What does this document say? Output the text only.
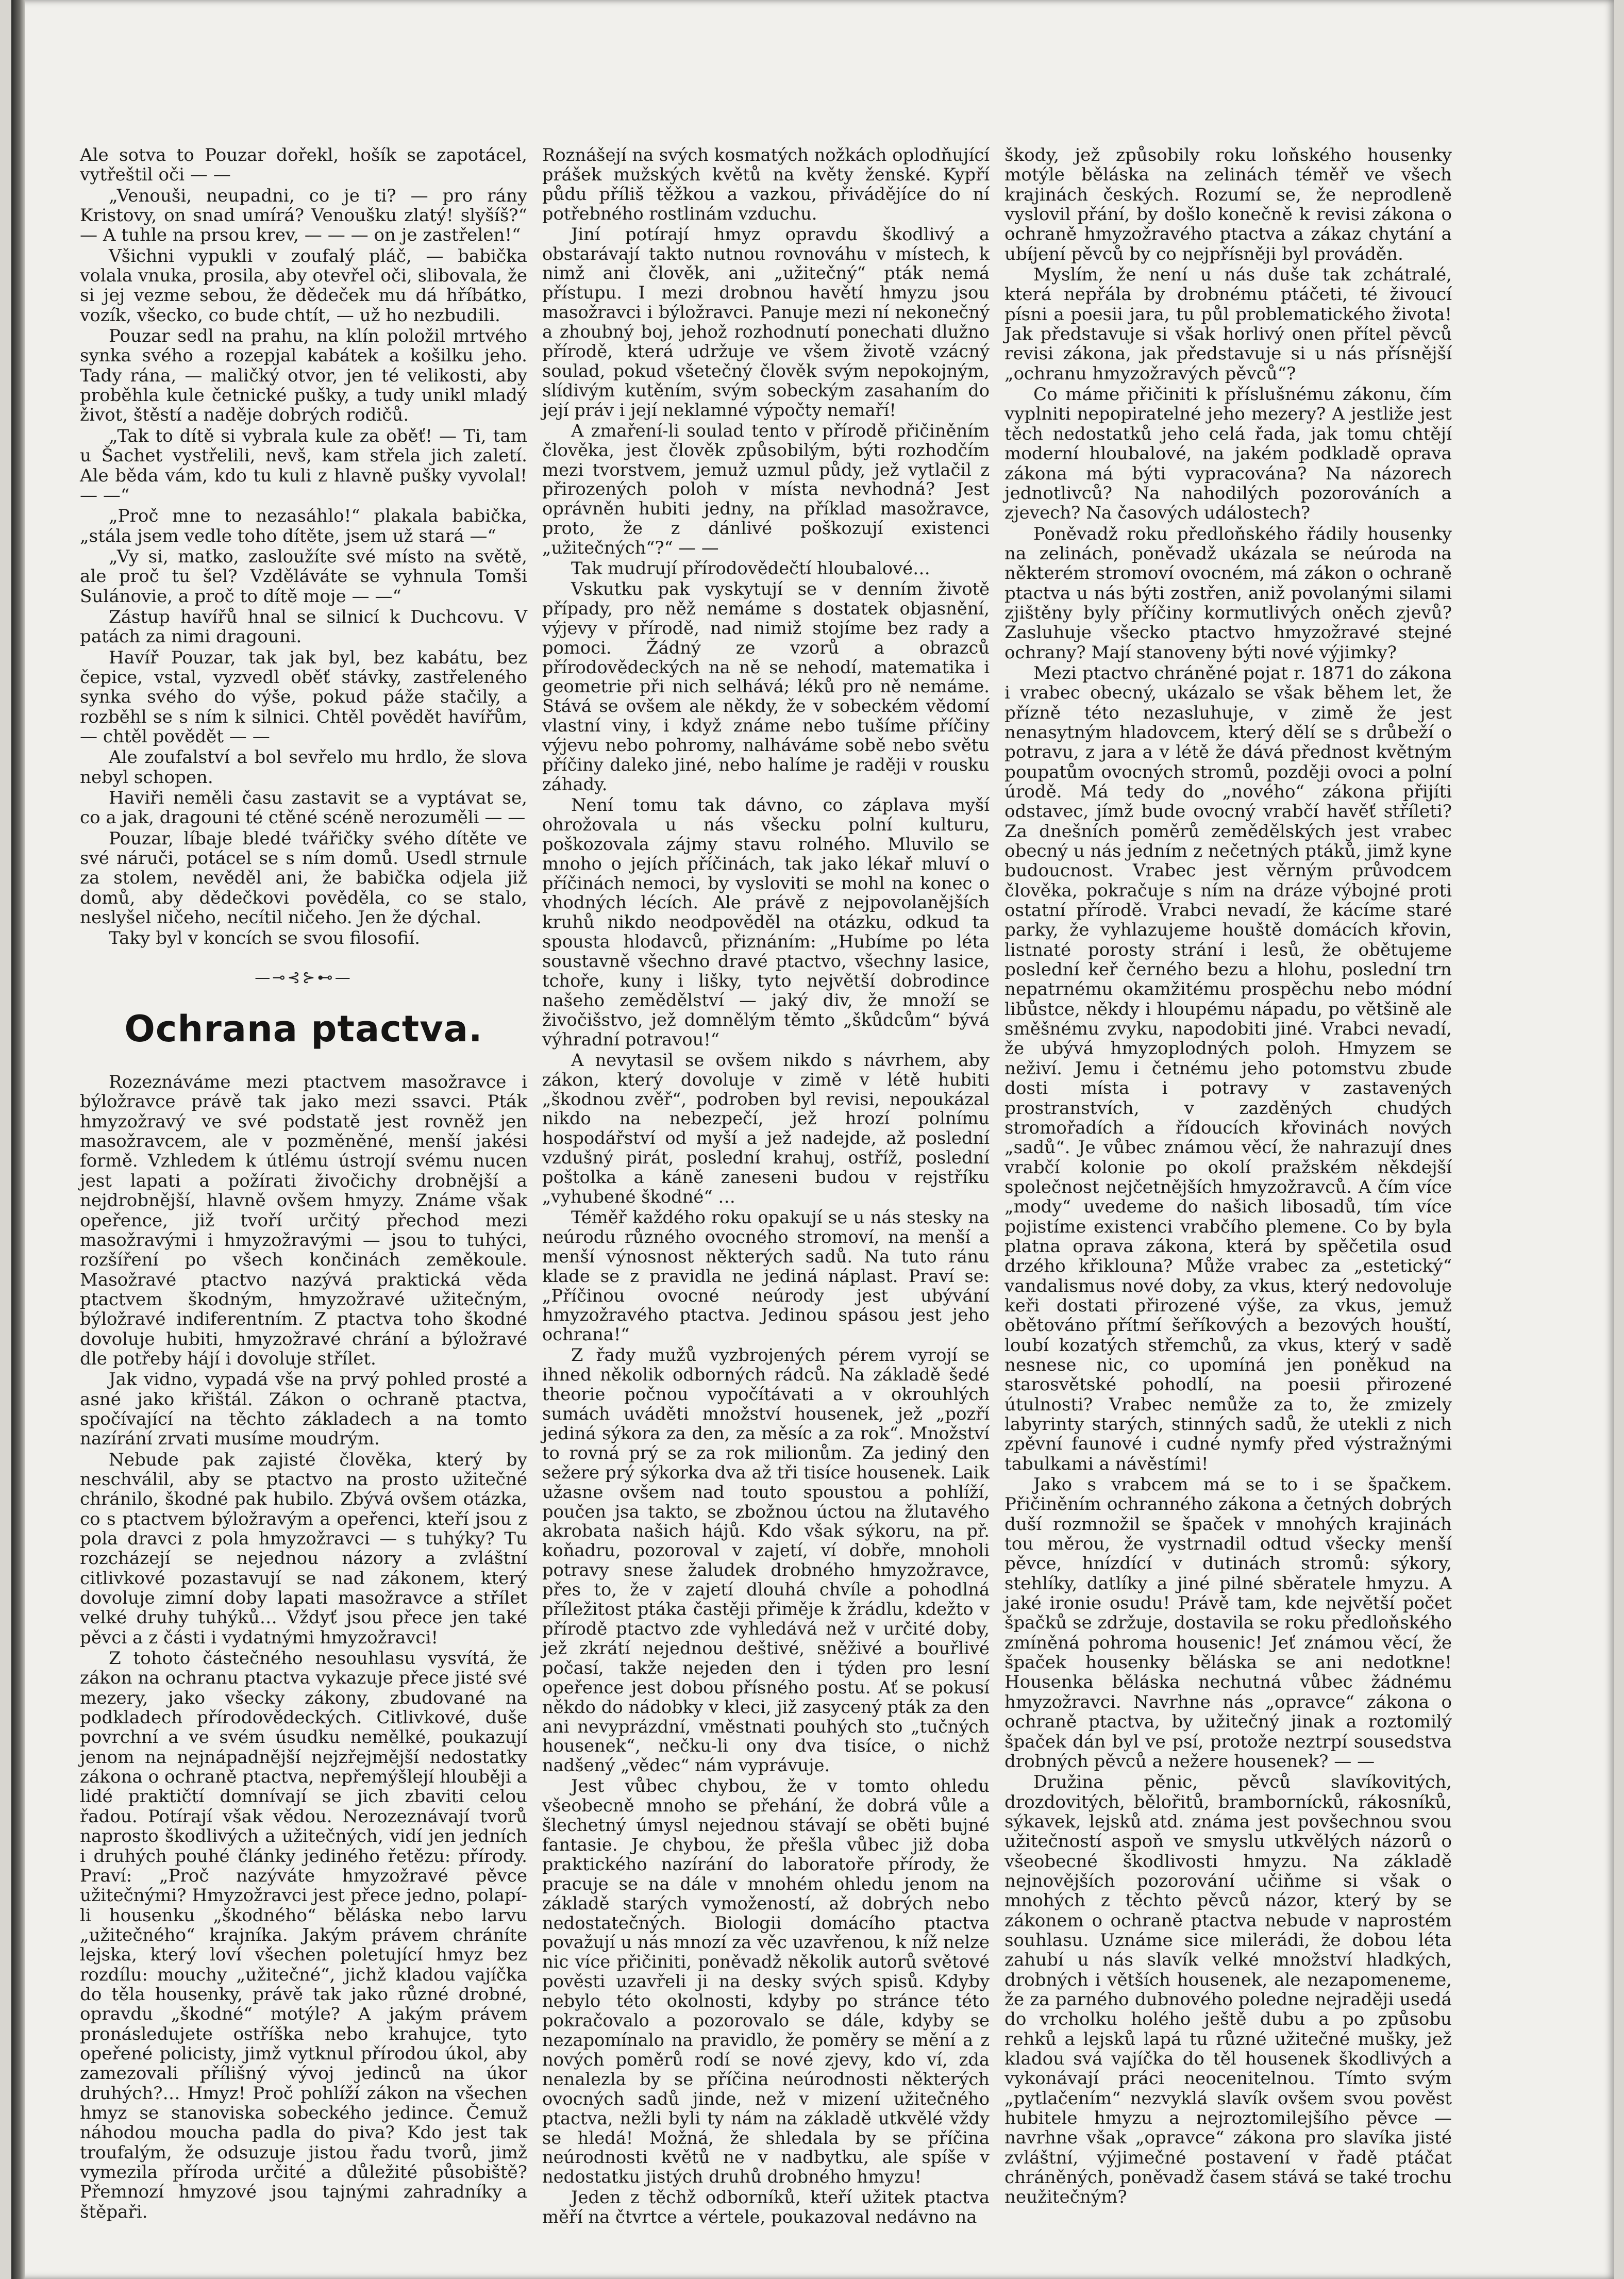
Ale sotva to Pouzar dořekl, hošík se zapotácel, vytřeštil oči — —

„Venouši, neupadni, co je ti? — pro rány Kristovy, on snad umírá? Venoušku zlatý! slyšíš?“ — A tuhle na prsou krev, — — — on je zastřelen!“

Všichni vypukli v zoufalý pláč, — babička volala vnuka, prosila, aby otevřel oči, slibovala, že si jej vezme sebou, že dědeček mu dá hříbátko, vozík, všecko, co bude chtít, — už ho nezbudili.

Pouzar sedl na prahu, na klín položil mrtvého synka svého a rozepjal kabátek a košilku jeho. Tady rána, — maličký otvor, jen té velikosti, aby proběhla kule četnické pušky, a tudy unikl mladý život, štěstí a naděje dobrých rodičů.

„Tak to dítě si vybrala kule za oběť! — Ti, tam u Šachet vystřelili, nevš, kam střela jich zaletí. Ale běda vám, kdo tu kuli z hlavně pušky vyvolal! — —“

„Proč mne to nezasáhlo!“ plakala babička, „stála jsem vedle toho dítěte, jsem už stará —“

„Vy si, matko, zasloužíte své místo na světě, ale proč tu šel? Vzděláváte se vyhnula Tomši Sulánovie, a proč to dítě moje — —“

Zástup havířů hnal se silnicí k Duchcovu. V patách za nimi dragouni.

Havíř Pouzar, tak jak byl, bez kabátu, bez čepice, vstal, vyzvedl oběť stávky, zastřeleného synka svého do výše, pokud páže stačily, a rozběhl se s ním k silnici. Chtěl povědět havířům, — chtěl povědět — —

Ale zoufalství a bol sevřelo mu hrdlo, že slova nebyl schopen.

Haviři neměli času zastavit se a vyptávat se, co a jak, dragouni té ctěné scéně nerozuměli — —

Pouzar, líbaje bledé tvářičky svého dítěte ve své náruči, potácel se s ním domů. Usedl strnule za stolem, nevěděl ani, že babička odjela již domů, aby dědečkovi povědělа, co se stalo, neslyšel ničeho, necítil ničeho. Jen že dýchal.

Taky byl v koncích se svou filosofií.

—⊸⊰⊱⊷—
Ochrana ptactva.

Rozeznáváme mezi ptactvem masožravce i býložravce právě tak jako mezi ssavci. Pták hmyzožravý ve své podstatě jest rovněž jen masožravcem, ale v pozměněné, menší jakési formě. Vzhledem k útlému ústrojí svému nucen jest lapati a požírati živočichy drobnější a nejdrobnější, hlavně ovšem hmyzy. Známe však opeřence, již tvoří určitý přechod mezi masožravými i hmyzožravými — jsou to tuhýci, rozšíření po všech končinách zeměkoule. Masožravé ptactvo nazývá praktická věda ptactvem škodným, hmyzožravé užitečným, býložravé indiferentním. Z ptactva toho škodné dovoluje hubiti, hmyzožravé chrání a býložravé dle potřeby hájí i dovoluje střílet.

Jak vidno, vypadá vše na prvý pohled prosté a asné jako křištál. Zákon o ochraně ptactva, spočívající na těchto základech a na tomto nazírání zrvati musíme moudrým.

Nebude pak zajisté člověka, který by neschválil, aby se ptactvo na prosto užitečné chránilo, škodné pak hubilo. Zbývá ovšem otázka, co s ptactvem býložravým a opeřenci, kteří jsou z pola dravci z pola hmyzožravci — s tuhýky? Tu rozcházejí se nejednou názory a zvláštní citlivkové pozastavují se nad zákonem, který dovoluje zimní doby lapati masožravce a střílet velké druhy tuhýků… Vždyť jsou přece jen také pěvci a z části i vydatnými hmyzožravci!

Z tohoto částečného nesouhlasu vysvítá, že zákon na ochranu ptactva vykazuje přece jisté své mezery, jako všecky zákony, zbudované na podkladech přírodovědeckých. Citlivkové, duše povrchní a ve svém úsudku nemělké, poukazují jenom na nejnápadnější nejzřejmější nedostatky zákona o ochraně ptactva, nepřemýšlejí hlouběji a lidé praktičtí domnívají se jich zbaviti celou řadou. Potírají však vědou. Nerozeznávají tvorů naprosto škodlivých a užitečných, vidí jen jedních i druhých pouhé články jediného řetězu: přírody. Praví: „Proč nazýváte hmyzožravé pěvce užitečnými? Hmyzožravci jest přece jedno, polapí-li housenku „škodného“ běláska nebo larvu „užitečného“ krajníka. Jakým právem chráníte lejska, který loví všechen poletující hmyz bez rozdílu: mouchy „užitečné“, jichž kladou vajíčka do těla housenky, právě tak jako různé drobné, opravdu „škodné“ motýle? A jakým právem pronásledujete ostříška nebo krahujce, tyto opeřené policisty, jimž vytknul přírodou úkol, aby zamezovali přílišný vývoj jedinců na úkor druhých?… Hmyz! Proč pohlíží zákon na všechen hmyz se stanoviska sobeckého jedince. Čemuž náhodou moucha padla do piva? Kdo jest tak troufalým, že odsuzuje jistou řadu tvorů, jimž vymezila příroda určité a důležité působiště? Přemnozí hmyzové jsou tajnými zahradníky a štěpaři.

Roznášejí na svých kosmatých nožkách oplodňující prášek mužských květů na květy ženské. Kypří půdu příliš těžkou a vazkou, přivádějíce do ní potřebného rostlinám vzduchu.

Jiní potírají hmyz opravdu škodlivý a obstarávají takto nutnou rovnováhu v místech, k nimž ani člověk, ani „užitečný“ pták nemá přístupu. I mezi drobnou havětí hmyzu jsou masožravci i býložravci. Panuje mezi ní nekonečný a zhoubný boj, jehož rozhodnutí ponechati dlužno přírodě, která udržuje ve všem životě vzácný soulad, pokud všetečný člověk svým nepokojným, slídivým kutěním, svým sobeckým zasahaním do její práv i její neklamné výpočty nemaří!

A zmaření-li soulad tento v přírodě přičiněním člověka, jest člověk způsobilým, býti rozhodčím mezi tvorstvem, jemuž uzmul půdy, jež vytlačil z přirozených poloh v místa nevhodná? Jest oprávněn hubiti jedny, na příklad masožravce, proto, že z dánlivé poškozují existenci „užitečných“?“ — —

Tak mudrují přírodovědečtí hloubalové…

Vskutku pak vyskytují se v denním životě případy, pro něž nemáme s dostatek objasnění, výjevy v přírodě, nad nimiž stojíme bez rady a pomoci. Žádný ze vzorů a obrazců přírodovědeckých na ně se nehodí, matematika i geometrie při nich selhává; léků pro ně nemáme. Stává se ovšem ale někdy, že v sobeckém vědomí vlastní viny, i když známe nebo tušíme příčiny výjevu nebo pohromy, nalháváme sobě nebo světu příčiny daleko jiné, nebo halíme je raději v rousku záhady.

Není tomu tak dávno, co záplava myší ohrožovala u nás všecku polní kulturu, poškozovala zájmy stavu rolného. Mluvilo se mnoho o jejích příčinách, tak jako lékař mluví o příčinách nemoci, by vysloviti se mohl na konec o vhodných lécích. Ale právě z nejpovolanějších kruhů nikdo neodpověděl na otázku, odkud ta spousta hlodavců, přiznáním: „Hubíme po léta soustavně všechno dravé ptactvo, všechny lasice, tchoře, kuny i lišky, tyto největší dobrodince našeho zemědělství — jaký div, že množí se živočišstvo, jež domnělým těmto „škůdcům“ bývá výhradní potravou!“

A nevytasil se ovšem nikdo s návrhem, aby zákon, který dovoluje v zimě v létě hubiti „škodnou zvěř“, podroben byl revisi, nepoukázal nikdo na nebezpečí, jež hrozí polnímu hospodářství od myší a jež nadejde, až poslední vzdušný pirát, poslední krahuj, ostříž, poslední poštolka a káně zaneseni budou v rejstříku „vyhubené škodné“ …

Téměř každého roku opakují se u nás stesky na neúrodu různého ovocného stromoví, na menší a menší výnosnost některých sadů. Na tuto ránu klade se z pravidla ne jediná náplast. Praví se: „Příčinou ovocné neúrody jest ubývání hmyzožravého ptactva. Jedinou spásou jest jeho ochrana!“

Z řady mužů vyzbrojených pérem vyrojí se ihned několik odborných rádců. Na základě šedé theorie počnou vypočítávati a v okrouhlých sumách uváděti množství housenek, jež „pozří jediná sýkora za den, za měsíc a za rok“. Množství to rovná prý se za rok milionům. Za jediný den sežere prý sýkorka dva až tři tisíce housenek. Laik užasne ovšem nad touto spoustou a pohlíží, poučen jsa takto, se zbožnou úctou na žlutavého akrobata našich hájů. Kdo však sýkoru, na př. koňadru, pozoroval v zajetí, ví dobře, mnoholi potravy snese žaludek drobného hmyzožravce, přes to, že v zajetí dlouhá chvíle a pohodlná příležitost ptáka častěji přiměje k žrádlu, kdežto v přírodě ptactvo zde vyhledává než v určité doby, jež zkrátí nejednou deštivé, sněživé a bouřlivé počasí, takže nejeden den i týden pro lesní opeřence jest dobou přísného postu. Ať se pokusí někdo do nádobky v kleci, již zasycený pták za den ani nevyprázdní, vměstnati pouhých sto „tučných housenek“, nečku-li ony dva tisíce, o nichž nadšený „vědec“ nám vyprávuje.

Jest vůbec chybou, že v tomto ohledu všeobecně mnoho se přehání, že dobrá vůle a šlechetný úmysl nejednou stávají se oběti bujné fantasie. Je chybou, že přešla vůbec již doba praktického nazírání do laboratoře přírody, že pracuje se na dále v mnohém ohledu jenom na základě starých vymožeností, až dobrých nebo nedostatečných. Biologii domácího ptactva považují u nás mnozí za věc uzavřenou, k níž nelze nic více přičiniti, poněvadž několik autorů světové pověsti uzavřeli ji na desky svých spisů. Kdyby nebylo této okolnosti, kdyby po stránce této pokračovalo a pozorovalo se dále, kdyby se nezapomínalo na pravidlo, že poměry se mění a z nových poměrů rodí se nové zjevy, kdo ví, zda nenalezla by se příčina neúrodnosti některých ovocných sadů jinde, než v mizení užitečného ptactva, nežli byli ty nám na základě utkvělé vždy se hledá! Možná, že shledala by se příčina neúrodnosti květů ne v nadbytku, ale spíše v nedostatku jistých druhů drobného hmyzu!

Jeden z těchž odborníků, kteří užitek ptactva měří na čtvrtce a vértele, poukazoval nedávno na

škody, jež způsobily roku loňského housenky motýle běláska na zelinách téměř ve všech krajinách českých. Rozumí se, že neprodleně vyslovil přání, by došlo konečně k revisi zákona o ochraně hmyzožravého ptactva a zákaz chytání a ubíjení pěvců by co nejpřísněji byl prováděn.

Myslím, že není u nás duše tak zchátralé, která nepřála by drobnému ptáčeti, té živoucí písni a poesii jara, tu půl problematického života! Jak představuje si však horlivý onen přítel pěvců revisi zákona, jak představuje si u nás přísnější „ochranu hmyzožravých pěvců“?

Co máme přičiniti k příslušnému zákonu, čím vyplniti nepopiratelné jeho mezery? A jestliže jest těch nedostatků jeho celá řada, jak tomu chtějí moderní hloubalové, na jakém podkladě oprava zákona má býti vypracována? Na názorech jednotlivců? Na nahodilých pozorováních a zjevech? Na časových událostech?

Poněvadž roku předloňského řádily housenky na zelinách, poněvadž ukázala se neúroda na některém stromoví ovocném, má zákon o ochraně ptactva u nás býti zostřen, aniž povolanými silami zjištěny byly příčiny kormutlivých oněch zjevů? Zasluhuje všecko ptactvo hmyzožravé stejné ochrany? Mají stanoveny býti nové výjimky?

Mezi ptactvo chráněné pojat r. 1871 do zákona i vrabec obecný, ukázalo se však během let, že přízně této nezasluhuje, v zimě že jest nenasytným hladovcem, který dělí se s drůbeží o potravu, z jara a v létě že dává přednost květným poupatům ovocných stromů, později ovoci a polní úrodě. Má tedy do „nového“ zákona přijíti odstavec, jímž bude ovocný vrabčí havěť stříleti? Za dnešních poměrů zemědělských jest vrabec obecný u nás jedním z nečetných ptáků, jimž kyne budoucnost. Vrabec jest věrným průvodcem člověka, pokračuje s ním na dráze výbojné proti ostatní přírodě. Vrabci nevadí, že kácíme staré parky, že vyhlazujeme houště domácích křovin, listnaté porosty strání i lesů, že obětujeme poslední keř černého bezu a hlohu, poslední trn nepatrnému okamžitému prospěchu nebo módní libůstce, někdy i hloupému nápadu, po většině ale směšnému zvyku, napodobiti jiné. Vrabci nevadí, že ubývá hmyzoplodných poloh. Hmyzem se neživí. Jemu i četnému jeho potomstvu zbude dosti místa i potravy v zastavených prostranstvích, v zazděných chudých stromořadích a řídoucích křovinách nových „sadů“. Je vůbec známou věcí, že nahrazují dnes vrabčí kolonie po okolí pražském někdejší společnost nejčetnějších hmyzožravců. A čím více „mody“ uvedeme do našich libosadů, tím více pojistíme existenci vrabčího plemene. Co by byla platna oprava zákona, která by spěčetila osud drzého křiklouna? Může vrabec za „estetický“ vandalismus nové doby, za vkus, který nedovoluje keři dostati přirozené výše, za vkus, jemuž obětováno přítmí šeříkových a bezových houští, loubí kozatých střemchů, za vkus, který v sadě nesnese nic, co upomíná jen poněkud na starosvětské pohodlí, na poesii přirozené útulnosti? Vrabec nemůže za to, že zmizely labyrinty starých, stinných sadů, že utekli z nich zpěvní faunové i cudné nymfy před výstražnými tabulkami a návěstími!

Jako s vrabcem má se to i se špačkem. Přičiněním ochranného zákona a četných dobrých duší rozmnožil se špaček v mnohých krajinách tou měrou, že vystrnadil odtud všecky menší pěvce, hnízdící v dutinách stromů: sýkory, stehlíky, datlíky a jiné pilné sběratele hmyzu. A jaké ironie osudu! Právě tam, kde největší počet špačků se zdržuje, dostavila se roku předloňského zmíněná pohroma housenic! Jeť známou věcí, že špaček housenky běláska se ani nedotkne! Housenka běláska nechutná vůbec žádnému hmyzožravci. Navrhne nás „opravce“ zákona o ochraně ptactva, by užitečný jinak a roztomilý špaček dán byl ve psí, protože neztrpí sousedstva drobných pěvců a nežere housenek? — —

Družina pěnic, pěvců slavíkovitých, drozdovitých, bělořitů, brambornícků, rákosníků, sýkavek, lejsků atd. známa jest povšechnou svou užitečností aspoň ve smyslu utkvělých názorů o všeobecné škodlivosti hmyzu. Na základě nejnovějších pozorování učiňme si však o mnohých z těchto pěvců názor, který by se zákonem o ochraně ptactva nebude v naprostém souhlasu. Uznáme sice milerádi, že dobou léta zahubí u nás slavík velké množství hladkých, drobných i větších housenek, ale nezapomeneme, že za parného dubnového poledne nejraději usedá do vrcholku holého ještě dubu a po způsobu rehků a lejsků lapá tu různé užitečné mušky, jež kladou svá vajíčka do těl housenek škodlivých a vykonávají práci neocenitelnou. Tímto svým „pytlačením“ nezvyklá slavík ovšem svou pověst hubitele hmyzu a nejroztomilejšího pěvce — navrhne však „opravce“ zákona pro slavíka jisté zvláštní, výjimečné postavení v řadě ptáčat chráněných, poněvadž časem stává se také trochu neužitečným?
